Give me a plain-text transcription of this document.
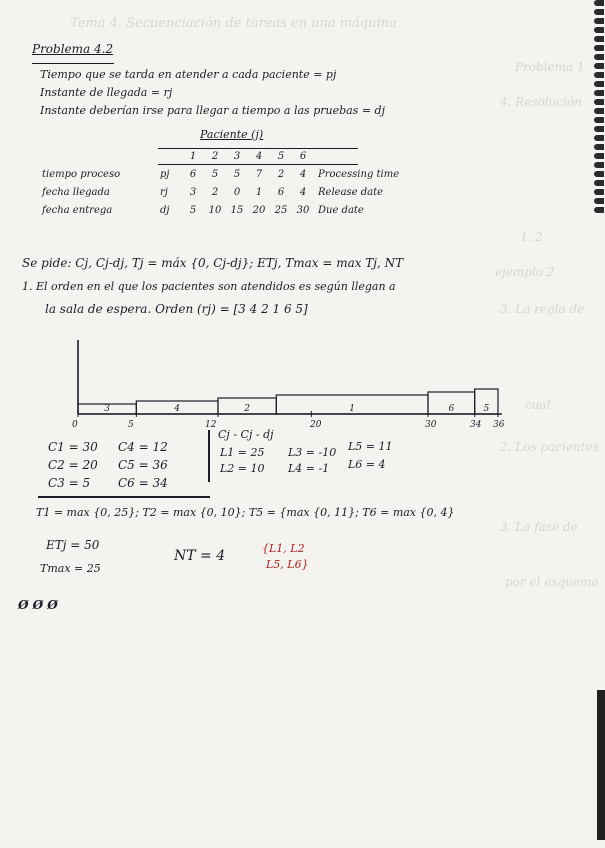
Tema 4. Secuenciación de tareas en una máquina
Problema 1
4. Resolución
1. 2.
ejemplo 2
3. La regla de
cual
2. Los pacientes
3. La fase de
por el esquema
Problema 4.2
Tiempo que se tarda en atender a cada paciente = pj
Instante de llegada = rj
Instante deberían irse para llegar a tiempo a las pruebas = dj
Paciente (j)
		1	2	3	4	5	6	
tiempo proceso	pj	6	5	5	7	2	4	Processing time
fecha llegada	rj	3	2	0	1	6	4	Release date
fecha entrega	dj	5	10	15	20	25	30	Due date
Se pide: Cj, Cj-dj, Tj = máx {0, Cj-dj}; ETj, Tmax = max Tj, NT
1. El orden en el que los pacientes son atendidos es según llegan a
la sala de espera. Orden (rj) = [3 4 2 1 6 5]
3	4	2	1	6	5
C1 = 30
C2 = 20
C3 = 5
C4 = 12
C5 = 36
C6 = 34
Cj - Cj - dj
L1 = 25
L2 = 10
L3 = -10
L4 = -1
L5 = 11
L6 = 4
T1 = max {0, 25}; T2 = max {0, 10}; T5 = {max {0, 11}; T6 = max {0, 4}
ETj = 50
Tmax = 25
NT = 4	{L1, L2
L5, L6}
Ø Ø Ø
0	5	12	20	30	34 36
